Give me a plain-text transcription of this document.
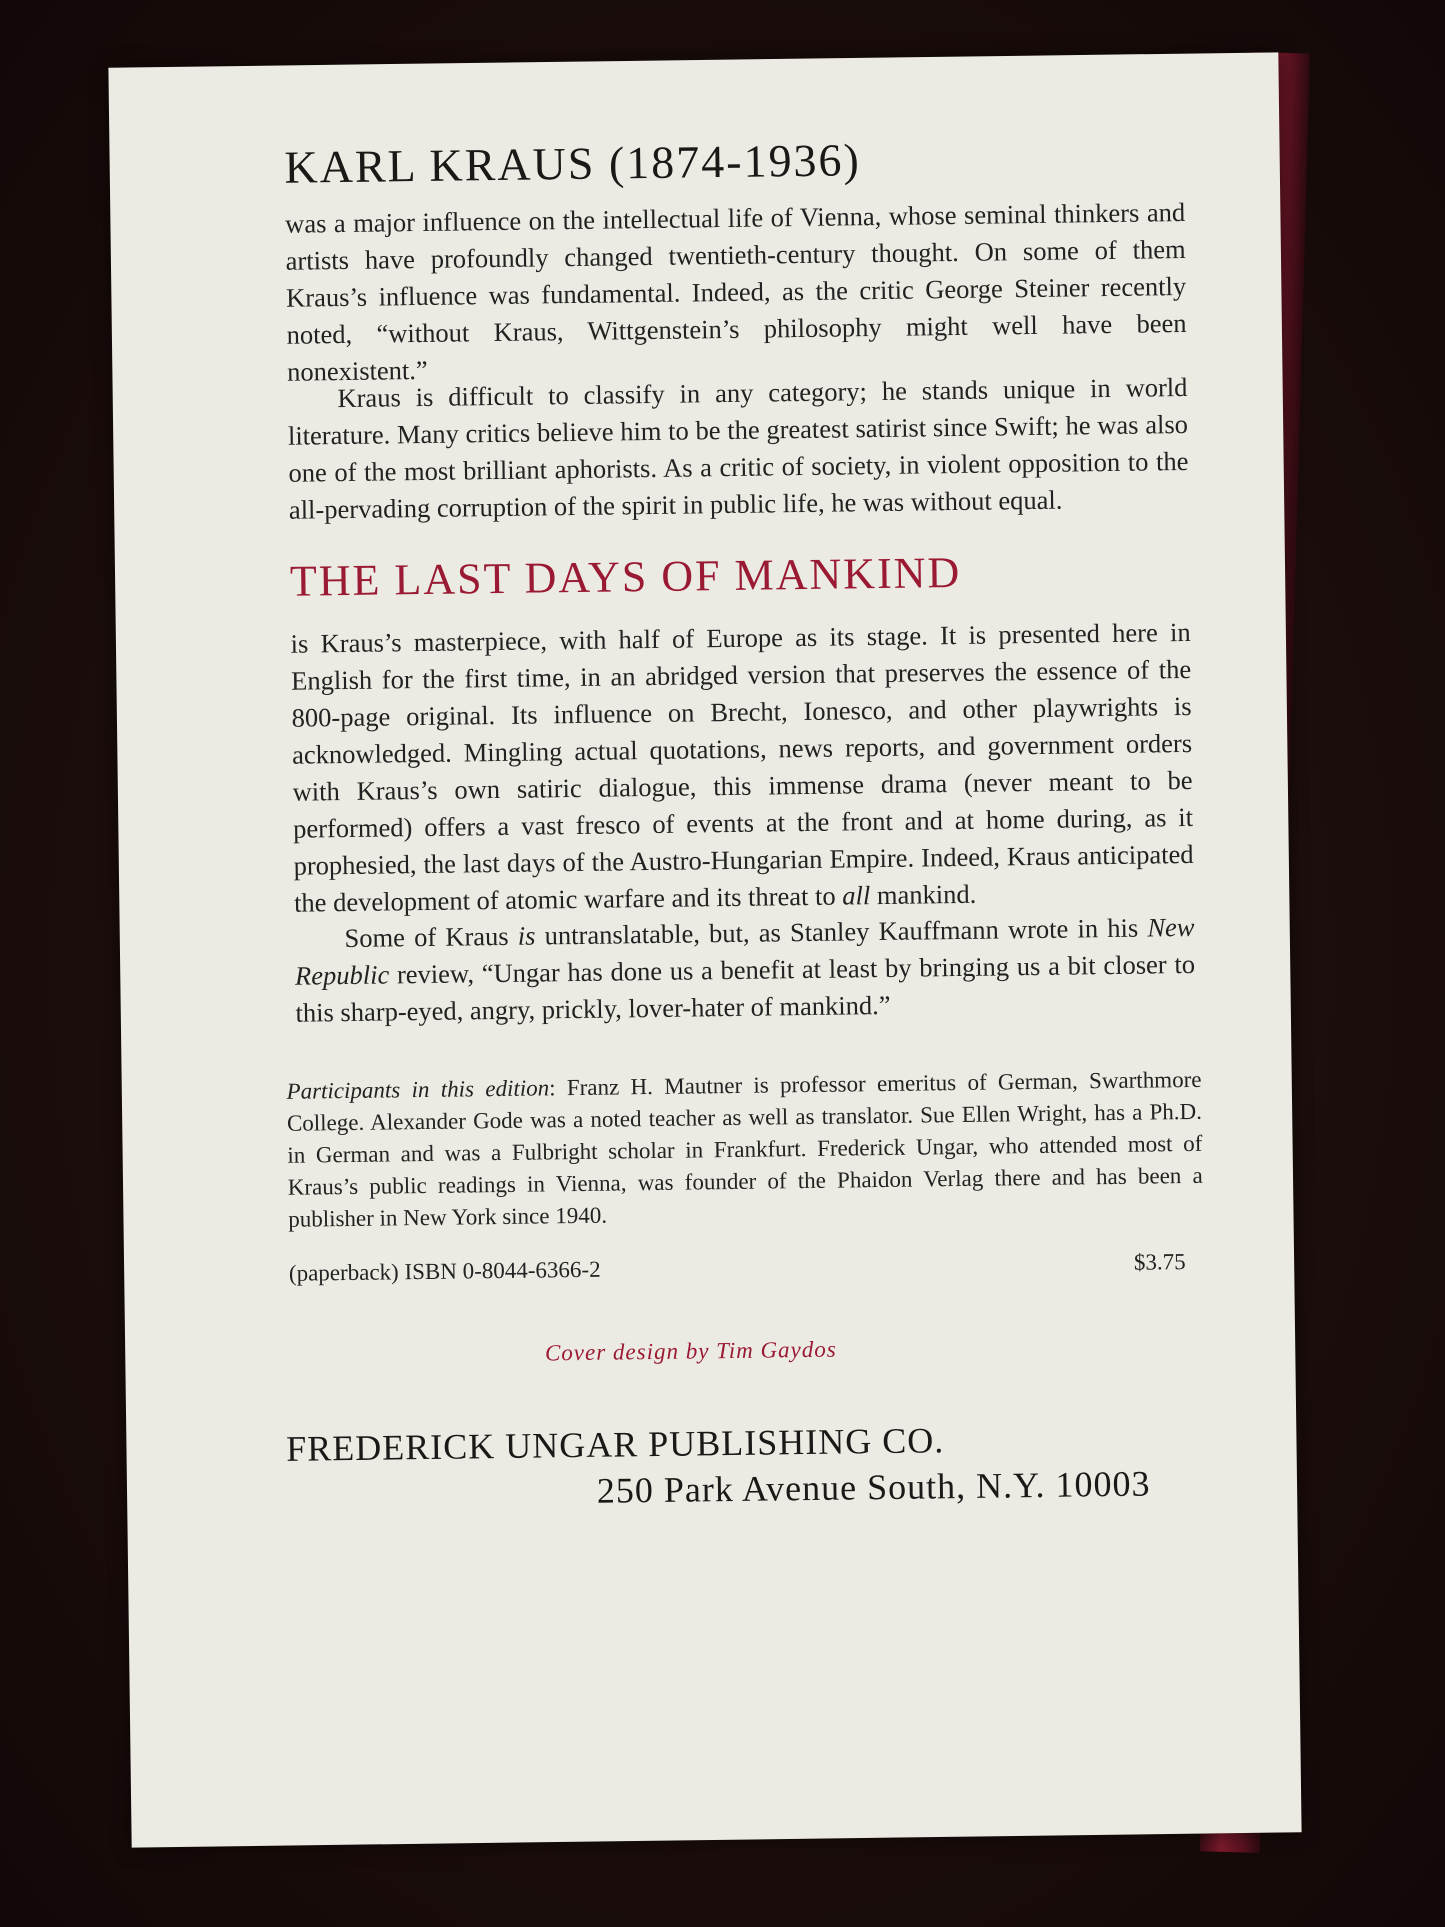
KARL KRAUS (1874-1936)
was a major influence on the intellectual life of Vienna, whose seminal thinkers and artists have profoundly changed twentieth-century thought. On some of them Kraus’s influence was fundamental. Indeed, as the critic George Steiner recently noted, “without Kraus, Wittgenstein’s philosophy might well have been nonexistent.”
Kraus is difficult to classify in any category; he stands unique in world literature. Many critics believe him to be the greatest satirist since Swift; he was also one of the most brilliant aphorists. As a critic of society, in violent opposition to the all-pervading corruption of the spirit in public life, he was without equal.
THE LAST DAYS OF MANKIND
is Kraus’s masterpiece, with half of Europe as its stage. It is presented here in English for the first time, in an abridged version that preserves the essence of the 800-page original. Its influence on Brecht, Ionesco, and other playwrights is acknowledged. Mingling actual quotations, news reports, and government orders with Kraus’s own satiric dialogue, this immense drama (never meant to be performed) offers a vast fresco of events at the front and at home during, as it prophesied, the last days of the Austro-Hungarian Empire. Indeed, Kraus anticipated the development of atomic warfare and its threat to all mankind.
Some of Kraus is untranslatable, but, as Stanley Kauffmann wrote in his New Republic review, “Ungar has done us a benefit at least by bringing us a bit closer to this sharp-eyed, angry, prickly, lover-hater of mankind.”
Participants in this edition: Franz H. Mautner is professor emeritus of German, Swarthmore College. Alexander Gode was a noted teacher as well as translator. Sue Ellen Wright, has a Ph.D. in German and was a Fulbright scholar in Frankfurt. Frederick Ungar, who attended most of Kraus’s public readings in Vienna, was founder of the Phaidon Verlag there and has been a publisher in New York since 1940.
(paperback) ISBN 0-8044-6366-2	$3.75
Cover design by Tim Gaydos
FREDERICK UNGAR PUBLISHING CO.
250 Park Avenue South, N.Y. 10003
